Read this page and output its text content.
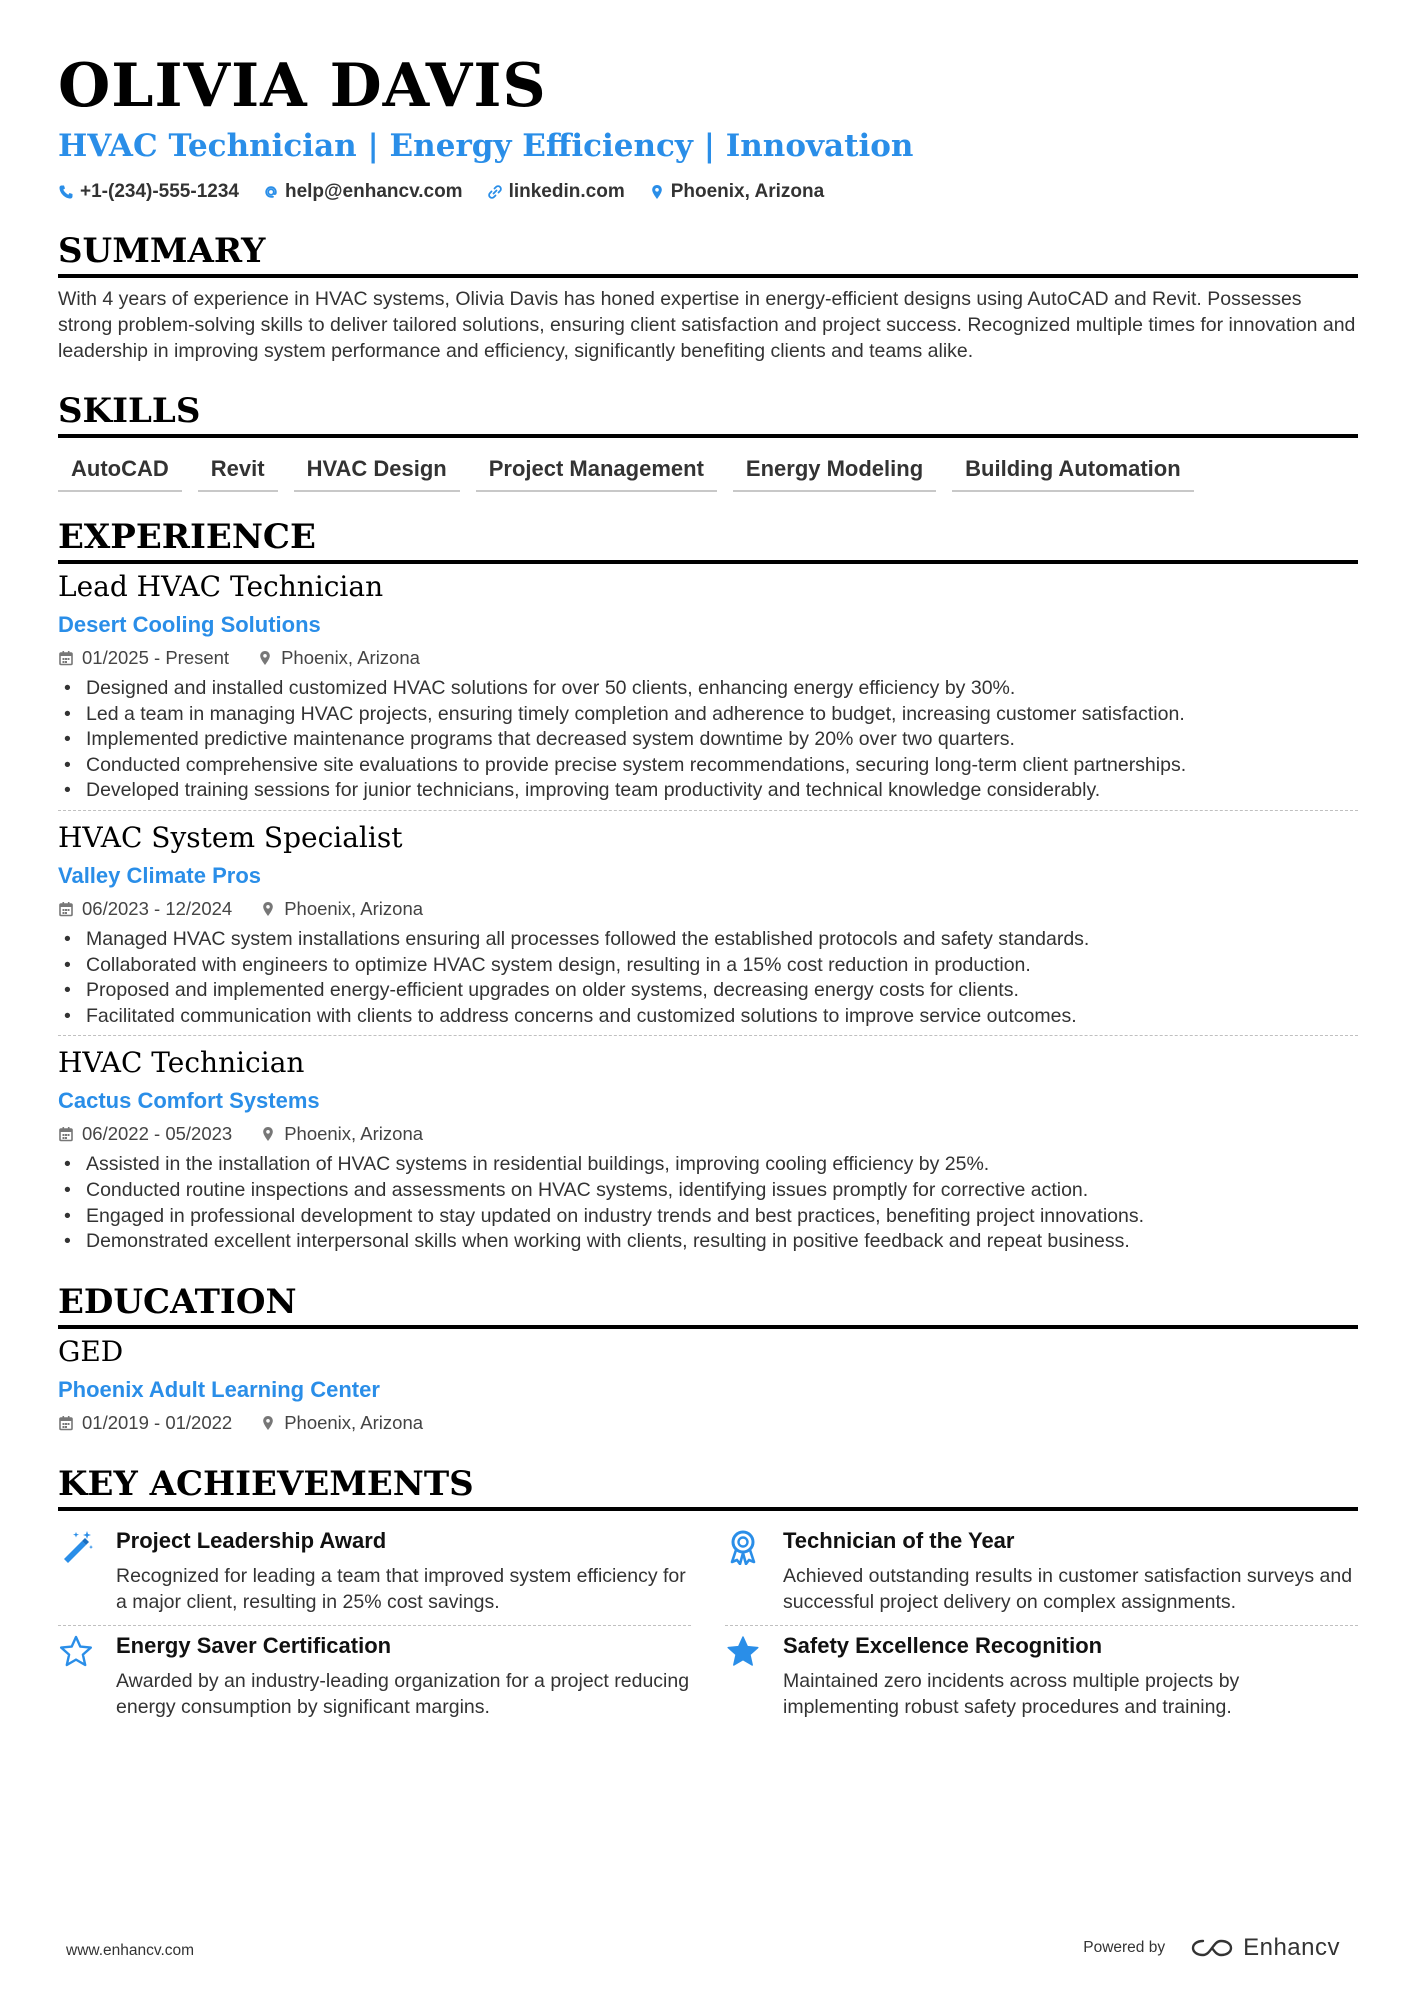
OLIVIA DAVIS
HVAC Technician | Energy Efficiency | Innovation
+1-(234)-555-1234 help@enhancv.com linkedin.com Phoenix, Arizona
SUMMARY

With 4 years of experience in HVAC systems, Olivia Davis has honed expertise in energy-efficient designs using AutoCAD and Revit. Possesses strong problem-solving skills to deliver tailored solutions, ensuring client satisfaction and project success. Recognized multiple times for innovation and leadership in improving system performance and efficiency, significantly benefiting clients and teams alike.

SKILLS
AutoCAD	Revit	HVAC Design	Project Management	Energy Modeling	Building Automation
EXPERIENCE
Lead HVAC Technician
Desert Cooling Solutions
01/2025 - Present	Phoenix, Arizona
• Designed and installed customized HVAC solutions for over 50 clients, enhancing energy efficiency by 30%.
• Led a team in managing HVAC projects, ensuring timely completion and adherence to budget, increasing customer satisfaction.
• Implemented predictive maintenance programs that decreased system downtime by 20% over two quarters.
• Conducted comprehensive site evaluations to provide precise system recommendations, securing long-term client partnerships.
• Developed training sessions for junior technicians, improving team productivity and technical knowledge considerably.
HVAC System Specialist
Valley Climate Pros
06/2023 - 12/2024	Phoenix, Arizona
• Managed HVAC system installations ensuring all processes followed the established protocols and safety standards.
• Collaborated with engineers to optimize HVAC system design, resulting in a 15% cost reduction in production.
• Proposed and implemented energy-efficient upgrades on older systems, decreasing energy costs for clients.
• Facilitated communication with clients to address concerns and customized solutions to improve service outcomes.
HVAC Technician
Cactus Comfort Systems
06/2022 - 05/2023	Phoenix, Arizona
• Assisted in the installation of HVAC systems in residential buildings, improving cooling efficiency by 25%.
• Conducted routine inspections and assessments on HVAC systems, identifying issues promptly for corrective action.
• Engaged in professional development to stay updated on industry trends and best practices, benefiting project innovations.
• Demonstrated excellent interpersonal skills when working with clients, resulting in positive feedback and repeat business.
EDUCATION
GED
Phoenix Adult Learning Center
01/2019 - 01/2022	Phoenix, Arizona
KEY ACHIEVEMENTS
Project Leadership Award
Recognized for leading a team that improved system efficiency for a major client, resulting in 25% cost savings.
Technician of the Year
Achieved outstanding results in customer satisfaction surveys and successful project delivery on complex assignments.
Energy Saver Certification
Awarded by an industry-leading organization for a project reducing energy consumption by significant margins.
Safety Excellence Recognition
Maintained zero incidents across multiple projects by implementing robust safety procedures and training.
www.enhancv.com	Powered by	Enhancv
